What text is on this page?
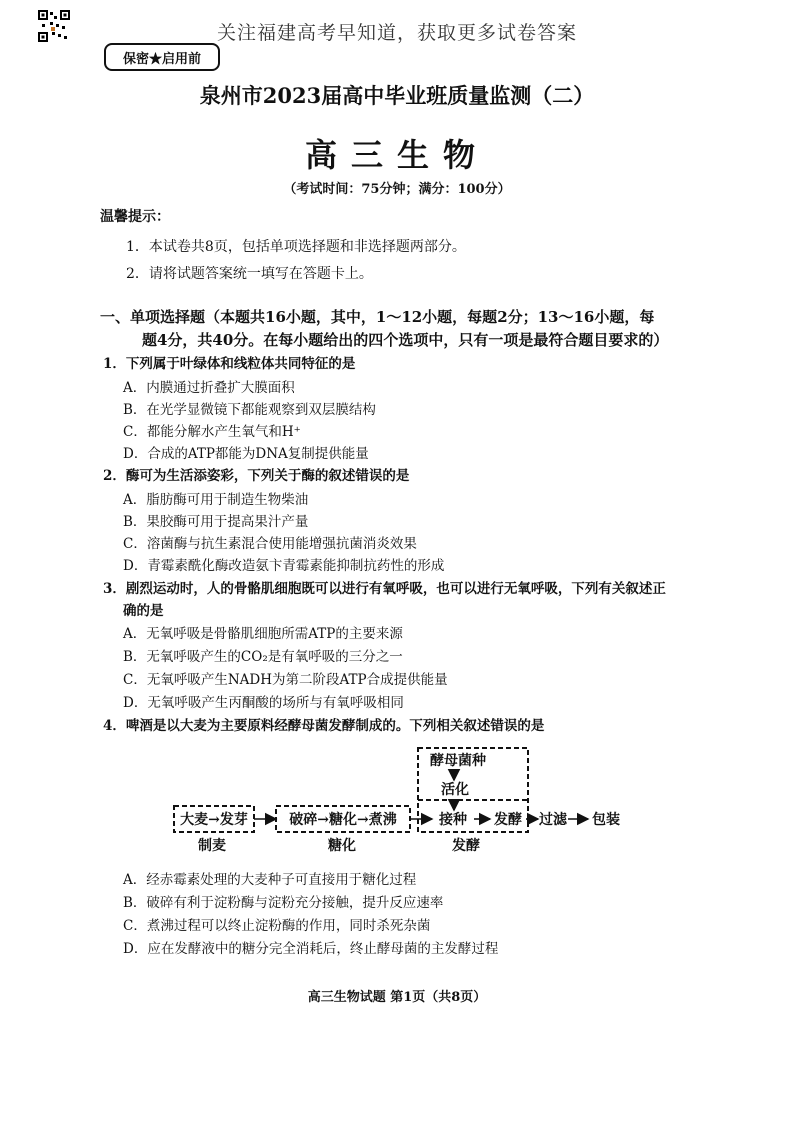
关注福建高考早知道，获取更多试卷答案
保密★启用前
泉州市2023届高中毕业班质量监测（二）
高三生物
（考试时间：75分钟；满分：100分）
温馨提示：
1．本试卷共8页，包括单项选择题和非选择题两部分。
2．请将试题答案统一填写在答题卡上。
一、单项选择题（本题共16小题，其中，1～12小题，每题2分；13～16小题，每
题4分，共40分。在每小题给出的四个选项中，只有一项是最符合题目要求的）
1．下列属于叶绿体和线粒体共同特征的是
A．内膜通过折叠扩大膜面积
B．在光学显微镜下都能观察到双层膜结构
C．都能分解水产生氧气和H⁺
D．合成的ATP都能为DNA复制提供能量
2．酶可为生活添姿彩，下列关于酶的叙述错误的是
A．脂肪酶可用于制造生物柴油
B．果胶酶可用于提高果汁产量
C．溶菌酶与抗生素混合使用能增强抗菌消炎效果
D．青霉素酰化酶改造氨卞青霉素能抑制抗药性的形成
3．剧烈运动时，人的骨骼肌细胞既可以进行有氧呼吸，也可以进行无氧呼吸，下列有关叙述正
确的是
A．无氧呼吸是骨骼肌细胞所需ATP的主要来源
B．无氧呼吸产生的CO₂是有氧呼吸的三分之一
C．无氧呼吸产生NADH为第二阶段ATP合成提供能量
D．无氧呼吸产生丙酮酸的场所与有氧呼吸相同
4．啤酒是以大麦为主要原料经酵母菌发酵制成的。下列相关叙述错误的是
大麦→发芽	破碎→糖化→煮沸
酵母菌种
活化
接种 发酵 过滤 包装
制麦	糖化	发酵
A．经赤霉素处理的大麦种子可直接用于糖化过程
B．破碎有利于淀粉酶与淀粉充分接触，提升反应速率
C．煮沸过程可以终止淀粉酶的作用，同时杀死杂菌
D．应在发酵液中的糖分完全消耗后，终止酵母菌的主发酵过程
高三生物试题 第1页（共8页）
